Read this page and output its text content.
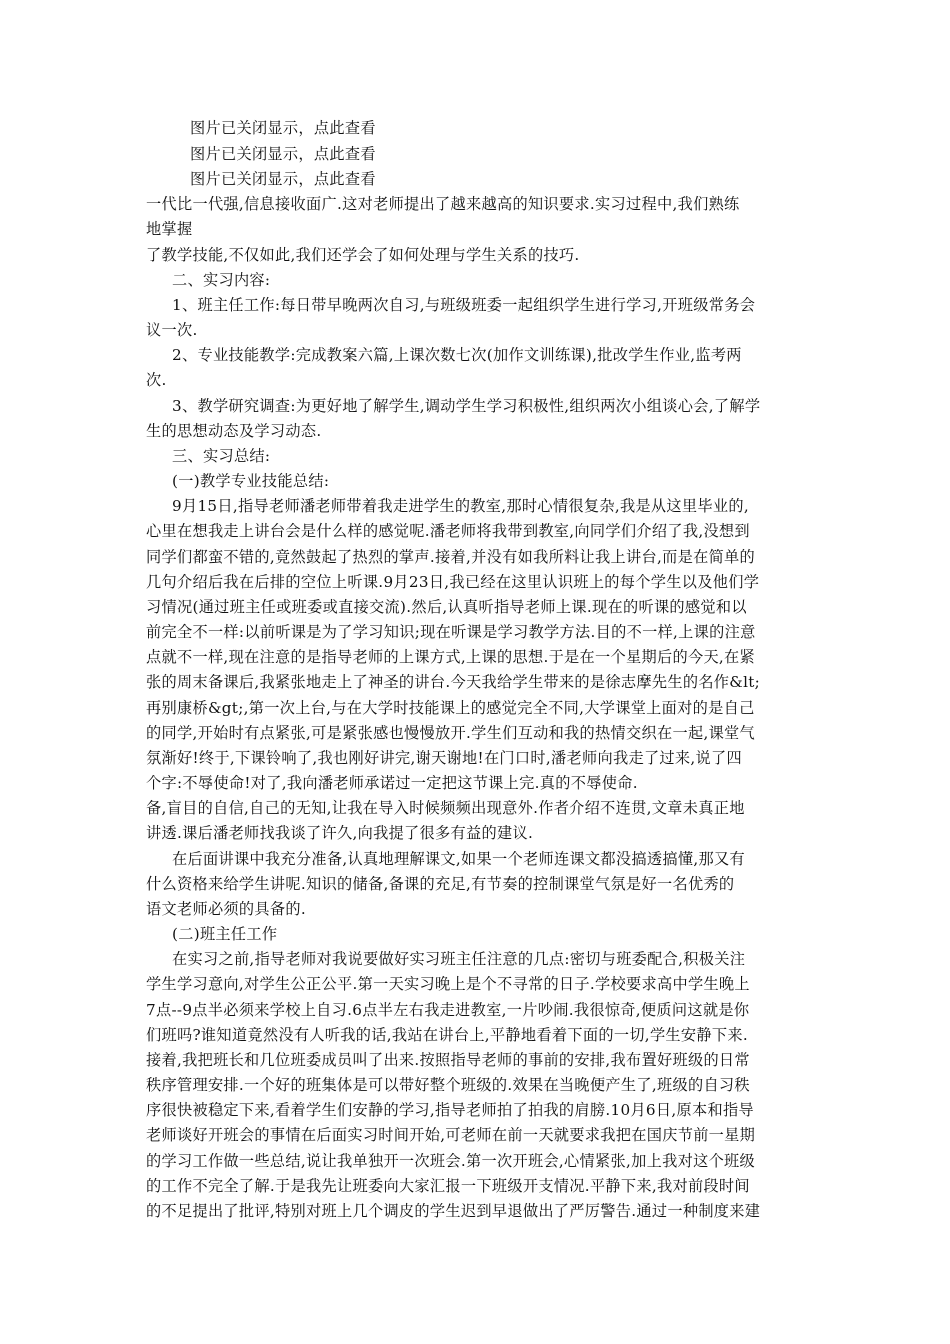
图片已关闭显示，点此查看
图片已关闭显示，点此查看
图片已关闭显示，点此查看
一代比一代强,信息接收面广.这对老师提出了越来越高的知识要求.实习过程中,我们熟练
地掌握
了教学技能,不仅如此,我们还学会了如何处理与学生关系的技巧.
二、实习内容:
1、班主任工作:每日带早晚两次自习,与班级班委一起组织学生进行学习,开班级常务会
议一次.
2、专业技能教学:完成教案六篇,上课次数七次(加作文训练课),批改学生作业,监考两
次.
3、教学研究调查:为更好地了解学生,调动学生学习积极性,组织两次小组谈心会,了解学
生的思想动态及学习动态.
三、实习总结:
(一)教学专业技能总结:
9月15日,指导老师潘老师带着我走进学生的教室,那时心情很复杂,我是从这里毕业的,
心里在想我走上讲台会是什么样的感觉呢.潘老师将我带到教室,向同学们介绍了我,没想到
同学们都蛮不错的,竟然鼓起了热烈的掌声.接着,并没有如我所料让我上讲台,而是在简单的
几句介绍后我在后排的空位上听课.9月23日,我已经在这里认识班上的每个学生以及他们学
习情况(通过班主任或班委或直接交流).然后,认真听指导老师上课.现在的听课的感觉和以
前完全不一样:以前听课是为了学习知识;现在听课是学习教学方法.目的不一样,上课的注意
点就不一样,现在注意的是指导老师的上课方式,上课的思想.于是在一个星期后的今天,在紧
张的周末备课后,我紧张地走上了神圣的讲台.今天我给学生带来的是徐志摩先生的名作&lt;
再别康桥&gt;,第一次上台,与在大学时技能课上的感觉完全不同,大学课堂上面对的是自己
的同学,开始时有点紧张,可是紧张感也慢慢放开.学生们互动和我的热情交织在一起,课堂气
氛渐好!终于,下课铃响了,我也刚好讲完,谢天谢地!在门口时,潘老师向我走了过来,说了四
个字:不辱使命!对了,我向潘老师承诺过一定把这节课上完.真的不辱使命.
备,盲目的自信,自己的无知,让我在导入时候频频出现意外.作者介绍不连贯,文章未真正地
讲透.课后潘老师找我谈了许久,向我提了很多有益的建议.
在后面讲课中我充分准备,认真地理解课文,如果一个老师连课文都没搞透搞懂,那又有
什么资格来给学生讲呢.知识的储备,备课的充足,有节奏的控制课堂气氛是好一名优秀的
语文老师必须的具备的.
(二)班主任工作
在实习之前,指导老师对我说要做好实习班主任注意的几点:密切与班委配合,积极关注
学生学习意向,对学生公正公平.第一天实习晚上是个不寻常的日子.学校要求高中学生晚上
7点--9点半必须来学校上自习.6点半左右我走进教室,一片吵闹.我很惊奇,便质问这就是你
们班吗?谁知道竟然没有人听我的话,我站在讲台上,平静地看着下面的一切,学生安静下来.
接着,我把班长和几位班委成员叫了出来.按照指导老师的事前的安排,我布置好班级的日常
秩序管理安排.一个好的班集体是可以带好整个班级的.效果在当晚便产生了,班级的自习秩
序很快被稳定下来,看着学生们安静的学习,指导老师拍了拍我的肩膀.10月6日,原本和指导
老师谈好开班会的事情在后面实习时间开始,可老师在前一天就要求我把在国庆节前一星期
的学习工作做一些总结,说让我单独开一次班会.第一次开班会,心情紧张,加上我对这个班级
的工作不完全了解.于是我先让班委向大家汇报一下班级开支情况.平静下来,我对前段时间
的不足提出了批评,特别对班上几个调皮的学生迟到早退做出了严厉警告.通过一种制度来建
